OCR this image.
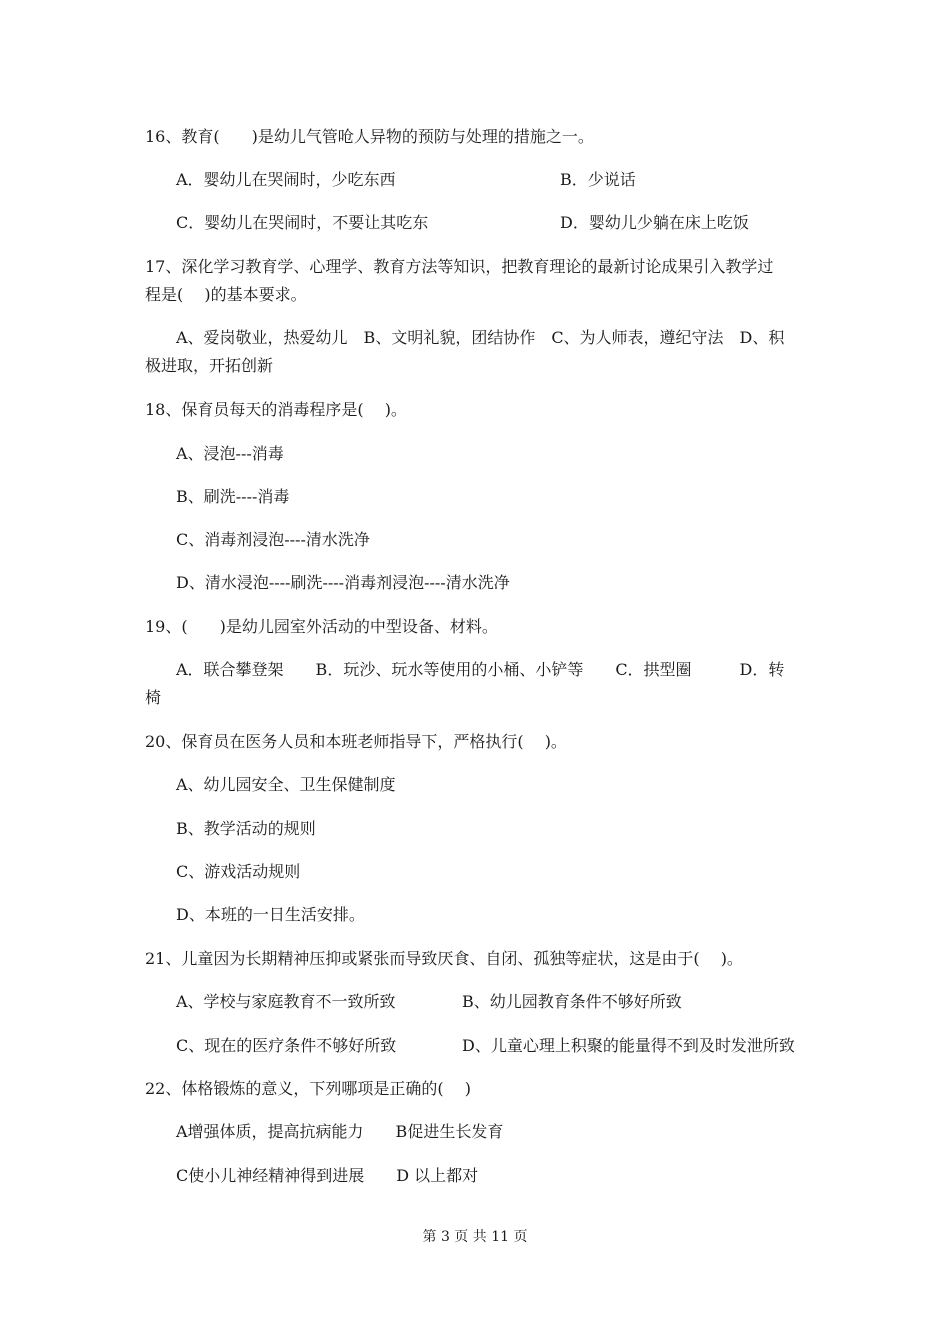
16、教育(　　)是幼儿气管呛人异物的预防与处理的措施之一。
A．婴幼儿在哭闹时，少吃东西	B．少说话
C．婴幼儿在哭闹时，不要让其吃东	D．婴幼儿少躺在床上吃饭
17、深化学习教育学、心理学、教育方法等知识，把教育理论的最新讨论成果引入教学过
程是(　 )的基本要求。
A、爱岗敬业，热爱幼儿　B、文明礼貌，团结协作　C、为人师表，遵纪守法　D、积
极进取，开拓创新
18、保育员每天的消毒程序是(　 )。
A、浸泡---消毒
B、刷洗----消毒
C、消毒剂浸泡----清水洗净
D、清水浸泡----刷洗----消毒剂浸泡----清水洗净
19、(　　)是幼儿园室外活动的中型设备、材料。
A．联合攀登架　　B．玩沙、玩水等使用的小桶、小铲等　　C．拱型圈　　　D．转
椅
20、保育员在医务人员和本班老师指导下，严格执行(　 )。
A、幼儿园安全、卫生保健制度
B、教学活动的规则
C、游戏活动规则
D、本班的一日生活安排。
21、儿童因为长期精神压抑或紧张而导致厌食、自闭、孤独等症状，这是由于(　 )。
A、学校与家庭教育不一致所致	B、幼儿园教育条件不够好所致
C、现在的医疗条件不够好所致	D、儿童心理上积聚的能量得不到及时发泄所致
22、体格锻炼的意义，下列哪项是正确的(　 )
A增强体质，提高抗病能力　　B促进生长发育
C使小儿神经精神得到进展　　D 以上都对
第 3 页 共 11 页
